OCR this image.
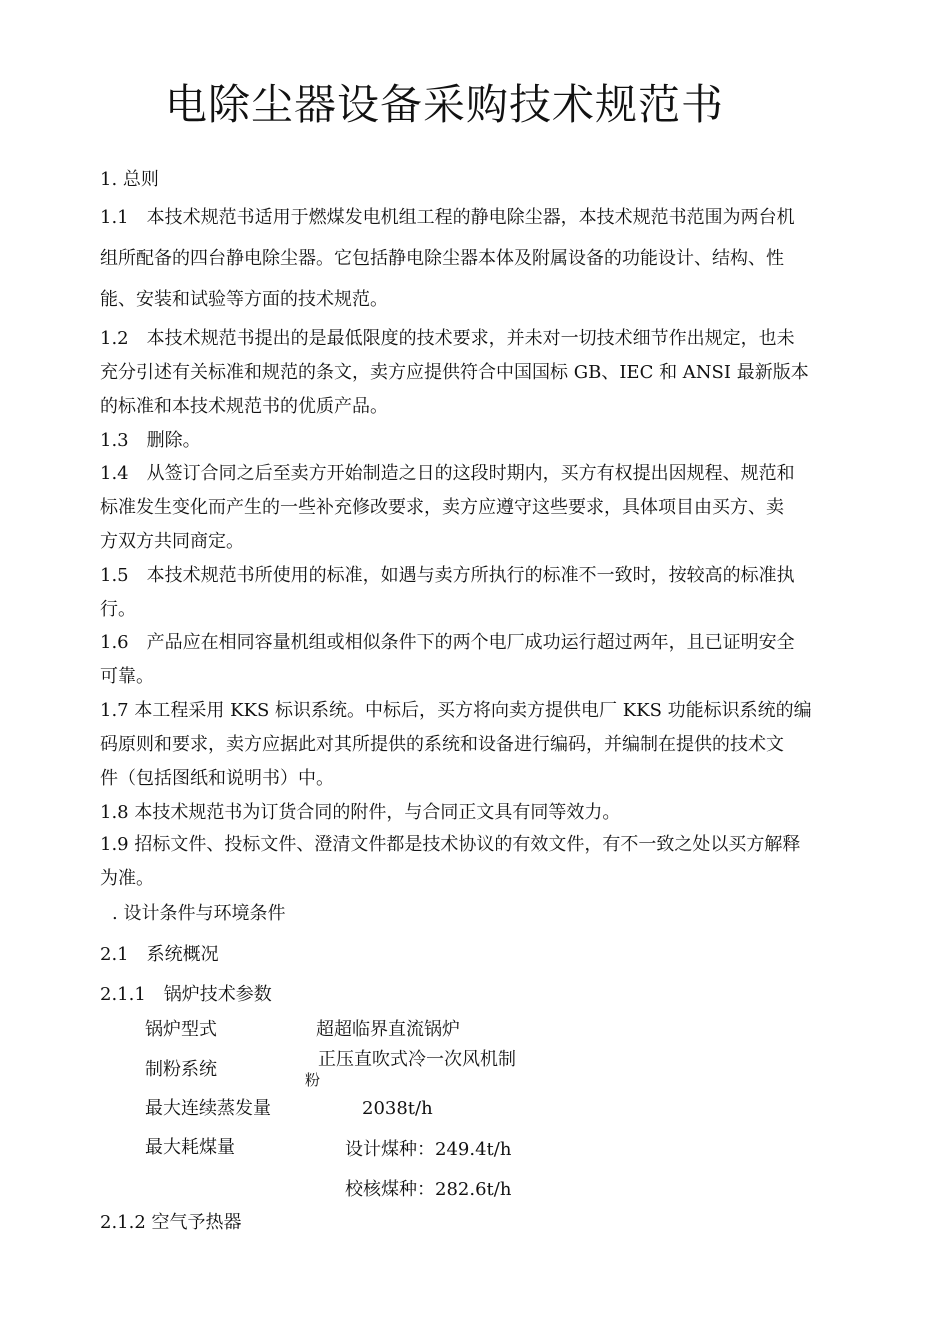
电除尘器设备采购技术规范书
1. 总则
1.1　本技术规范书适用于燃煤发电机组工程的静电除尘器，本技术规范书范围为两台机
组所配备的四台静电除尘器。它包括静电除尘器本体及附属设备的功能设计、结构、性
能、安装和试验等方面的技术规范。
1.2　本技术规范书提出的是最低限度的技术要求，并未对一切技术细节作出规定，也未
充分引述有关标准和规范的条文，卖方应提供符合中国国标 GB、IEC 和 ANSI 最新版本
的标准和本技术规范书的优质产品。
1.3　删除。
1.4　从签订合同之后至卖方开始制造之日的这段时期内，买方有权提出因规程、规范和
标准发生变化而产生的一些补充修改要求，卖方应遵守这些要求，具体项目由买方、卖
方双方共同商定。
1.5　本技术规范书所使用的标准，如遇与卖方所执行的标准不一致时，按较高的标准执
行。
1.6　产品应在相同容量机组或相似条件下的两个电厂成功运行超过两年，且已证明安全
可靠。
1.7 本工程采用 KKS 标识系统。中标后，买方将向卖方提供电厂 KKS 功能标识系统的编
码原则和要求，卖方应据此对其所提供的系统和设备进行编码，并编制在提供的技术文
件（包括图纸和说明书）中。
1.8 本技术规范书为订货合同的附件，与合同正文具有同等效力。
1.9 招标文件、投标文件、澄清文件都是技术协议的有效文件，有不一致之处以买方解释
为准。
. 设计条件与环境条件
2.1　系统概况
2.1.1　锅炉技术参数
锅炉型式	超超临界直流锅炉
制粉系统	正压直吹式冷一次风机制
粉
最大连续蒸发量	2038t/h
最大耗煤量	设计煤种：249.4t/h
校核煤种：282.6t/h
2.1.2 空气予热器
